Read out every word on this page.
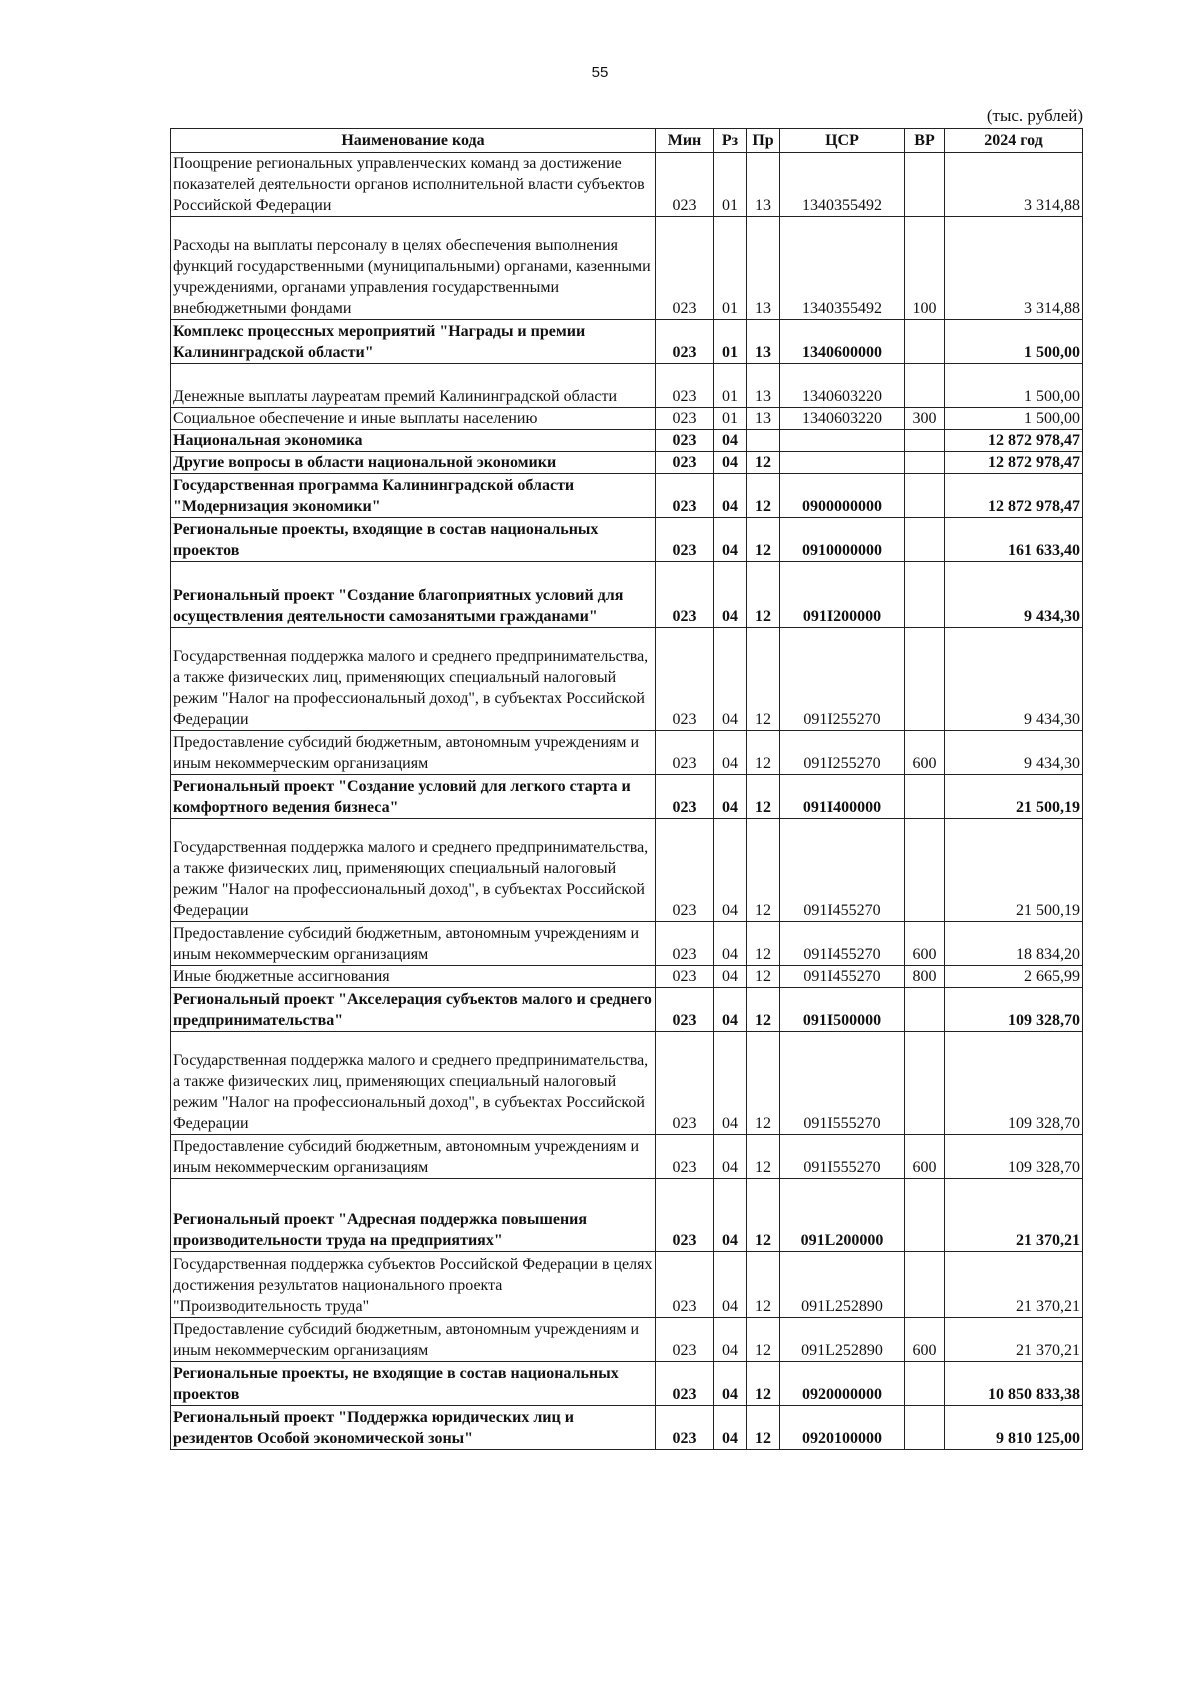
55
(тыс. рублей)
Наименование кода	Мин	Рз	Пр	ЦСР	ВР	2024 год
Поощрение региональных управленческих команд за достижение показателей деятельности органов исполнительной власти субъектов Российской Федерации	023	01	13	1340355492		3 314,88
Расходы на выплаты персоналу в целях обеспечения выполнения функций государственными (муниципальными) органами, казенными учреждениями, органами управления государственными внебюджетными фондами	023	01	13	1340355492	100	3 314,88
Комплекс процессных мероприятий "Награды и премии Калининградской области"	023	01	13	1340600000		1 500,00
Денежные выплаты лауреатам премий Калининградской области	023	01	13	1340603220		1 500,00
Социальное обеспечение и иные выплаты населению	023	01	13	1340603220	300	1 500,00
Национальная экономика	023	04				12 872 978,47
Другие вопросы в области национальной экономики	023	04	12			12 872 978,47
Государственная программа Калининградской области "Модернизация экономики"	023	04	12	0900000000		12 872 978,47
Региональные проекты, входящие в состав национальных проектов	023	04	12	0910000000		161 633,40
Региональный проект "Создание благоприятных условий для осуществления деятельности самозанятыми гражданами"	023	04	12	091I200000		9 434,30
Государственная поддержка малого и среднего предпринимательства, а также физических лиц, применяющих специальный налоговый режим "Налог на профессиональный доход", в субъектах Российской Федерации	023	04	12	091I255270		9 434,30
Предоставление субсидий бюджетным, автономным учреждениям и иным некоммерческим организациям	023	04	12	091I255270	600	9 434,30
Региональный проект "Создание условий для легкого старта и комфортного ведения бизнеса"	023	04	12	091I400000		21 500,19
Государственная поддержка малого и среднего предпринимательства, а также физических лиц, применяющих специальный налоговый режим "Налог на профессиональный доход", в субъектах Российской Федерации	023	04	12	091I455270		21 500,19
Предоставление субсидий бюджетным, автономным учреждениям и иным некоммерческим организациям	023	04	12	091I455270	600	18 834,20
Иные бюджетные ассигнования	023	04	12	091I455270	800	2 665,99
Региональный проект "Акселерация субъектов малого и среднего предпринимательства"	023	04	12	091I500000		109 328,70
Государственная поддержка малого и среднего предпринимательства, а также физических лиц, применяющих специальный налоговый режим "Налог на профессиональный доход", в субъектах Российской Федерации	023	04	12	091I555270		109 328,70
Предоставление субсидий бюджетным, автономным учреждениям и иным некоммерческим организациям	023	04	12	091I555270	600	109 328,70
Региональный проект "Адресная поддержка повышения производительности труда на предприятиях"	023	04	12	091L200000		21 370,21
Государственная поддержка субъектов Российской Федерации в целях достижения результатов национального проекта "Производительность труда"	023	04	12	091L252890		21 370,21
Предоставление субсидий бюджетным, автономным учреждениям и иным некоммерческим организациям	023	04	12	091L252890	600	21 370,21
Региональные проекты, не входящие в состав национальных проектов	023	04	12	0920000000		10 850 833,38
Региональный проект "Поддержка юридических лиц и резидентов Особой экономической зоны"	023	04	12	0920100000		9 810 125,00
